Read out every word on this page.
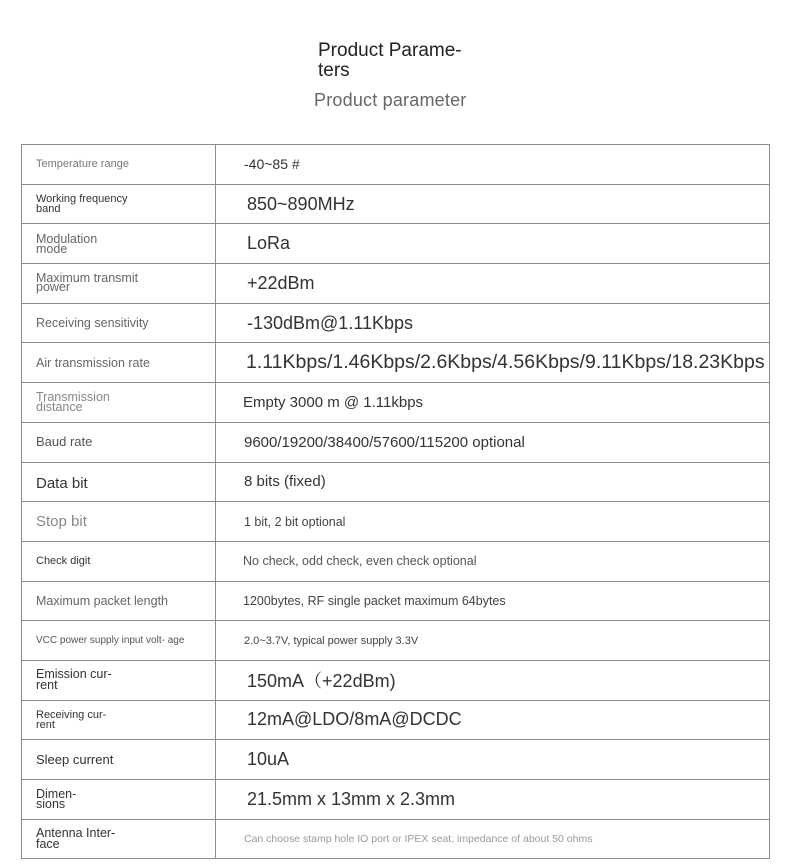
Product Parame- ters
Product parameter
Temperature range	-40~85 #

Working frequency band	850~890MHz

Modulation mode	LoRa

Maximum transmit power	+22dBm

Receiving sensitivity	-130dBm@1.11Kbps

Air transmission rate	1.11Kbps/1.46Kbps/2.6Kbps/4.56Kbps/9.11Kbps/18.23Kbps

Transmission distance	Empty 3000 m @ 1.11kbps

Baud rate	9600/19200/38400/57600/115200 optional

Data bit	8 bits (fixed)

Stop bit	1 bit, 2 bit optional

Check digit	No check, odd check, even check optional

Maximum packet length	1200bytes, RF single packet maximum 64bytes

VCC power supply input volt- age	2.0~3.7V, typical power supply 3.3V

Emission cur- rent	150mA（+22dBm)

Receiving cur- rent	12mA@LDO/8mA@DCDC

Sleep current	10uA

Dimen- sions	21.5mm x 13mm x 2.3mm

Antenna Inter- face	Can choose stamp hole IO port or IPEX seat, impedance of about 50 ohms
